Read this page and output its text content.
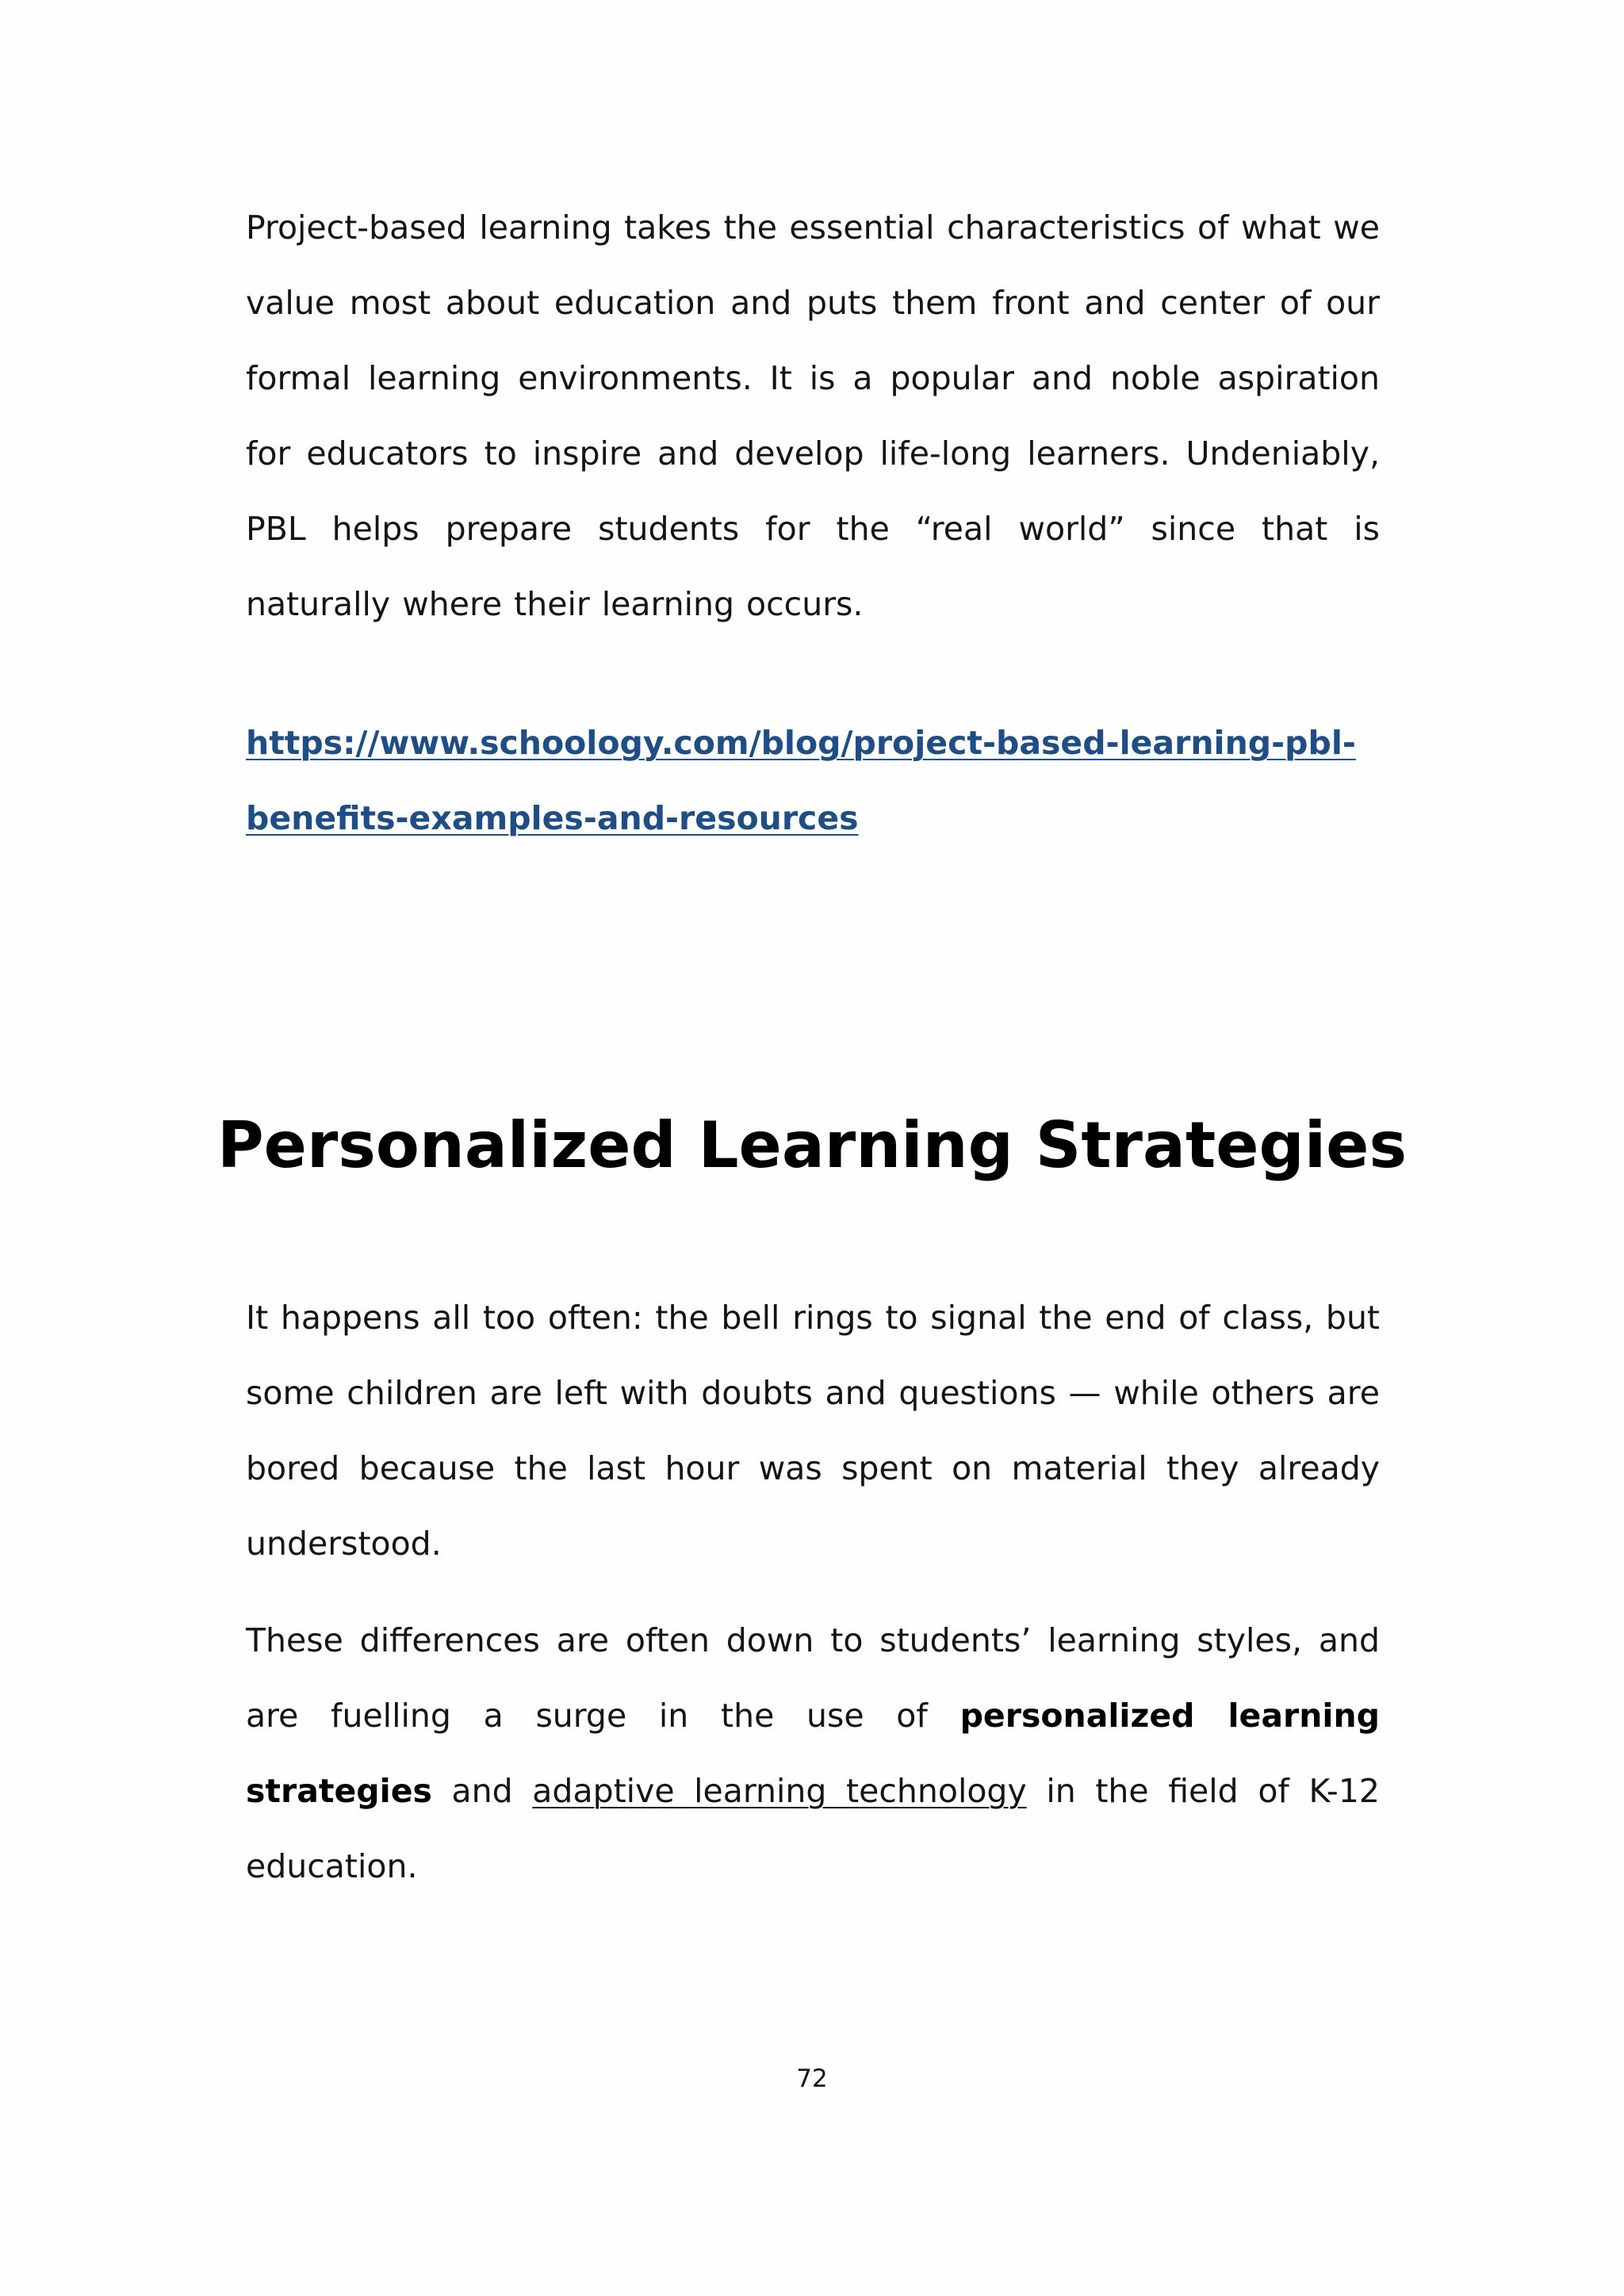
Project-based learning takes the essential characteristics of what we value most about education and puts them front and center of our formal learning environments. It is a popular and noble aspiration for educators to inspire and develop life-long learners. Undeniably, PBL helps prepare students for the “real world” since that is naturally where their learning occurs.

https://www.schoology.com/blog/project-based-learning-pbl-
benefits-examples-and-resources
Personalized Learning Strategies

It happens all too often: the bell rings to signal the end of class, but some children are left with doubts and questions — while others are bored because the last hour was spent on material they already understood.

These differences are often down to students’ learning styles, and are fuelling a surge in the use of personalized learning strategies and adaptive learning technology in the field of K-12 education.

72
